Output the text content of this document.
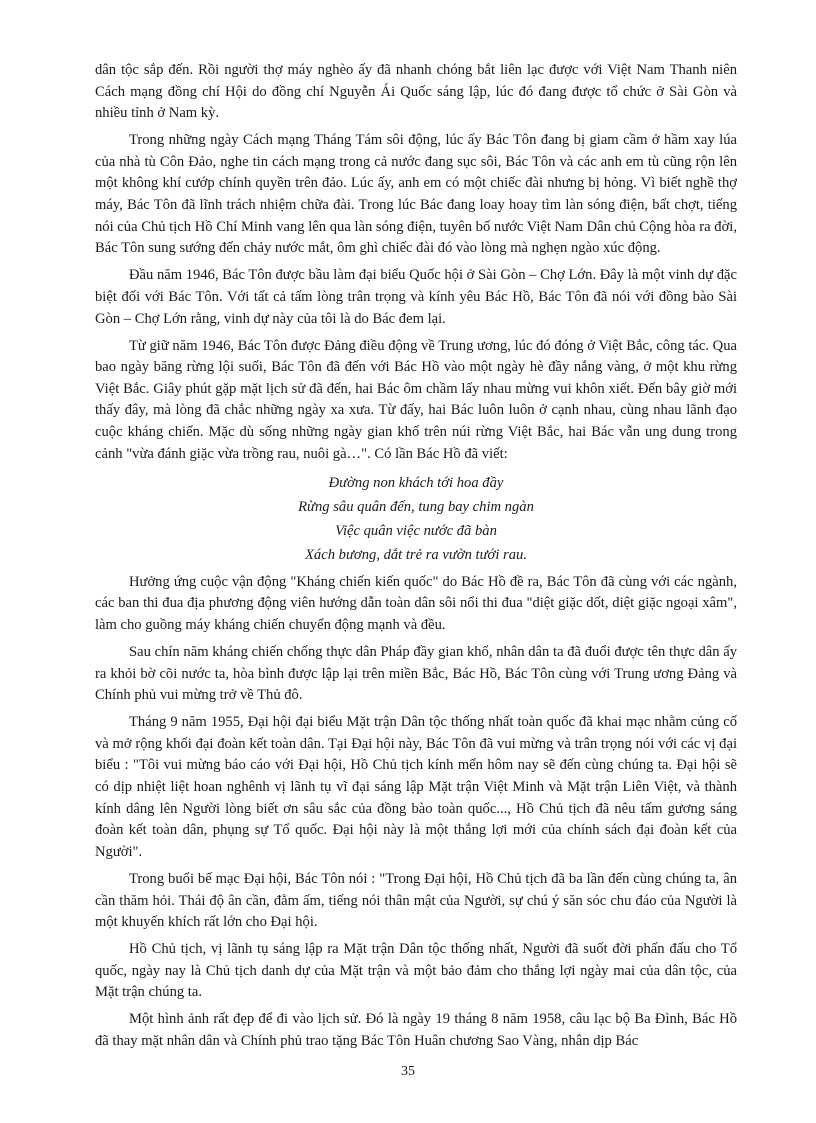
dân tộc sắp đến. Rồi người thợ máy nghèo ấy đã nhanh chóng bắt liên lạc được với Việt Nam Thanh niên Cách mạng đồng chí Hội do đồng chí Nguyễn Ái Quốc sáng lập, lúc đó đang được tổ chức ở Sài Gòn và nhiều tỉnh ở Nam kỳ.

Trong những ngày Cách mạng Tháng Tám sôi động, lúc ấy Bác Tôn đang bị giam cầm ở hầm xay lúa của nhà tù Côn Đảo, nghe tin cách mạng trong cả nước đang sục sôi, Bác Tôn và các anh em tù cũng rộn lên một không khí cướp chính quyền trên đảo. Lúc ấy, anh em có một chiếc đài nhưng bị hỏng. Vì biết nghề thợ máy, Bác Tôn đã lĩnh trách nhiệm chữa đài. Trong lúc Bác đang loay hoay tìm làn sóng điện, bất chợt, tiếng nói của Chủ tịch Hồ Chí Minh vang lên qua làn sóng điện, tuyên bố nước Việt Nam Dân chủ Cộng hòa ra đời, Bác Tôn sung sướng đến chảy nước mắt, ôm ghì chiếc đài đó vào lòng mà nghẹn ngào xúc động.

Đầu năm 1946, Bác Tôn được bầu làm đại biểu Quốc hội ở Sài Gòn – Chợ Lớn. Đây là một vinh dự đặc biệt đối với Bác Tôn. Với tất cả tấm lòng trân trọng và kính yêu Bác Hồ, Bác Tôn đã nói với đồng bào Sài Gòn – Chợ Lớn rằng, vinh dự này của tôi là do Bác đem lại.

Từ giữ năm 1946, Bác Tôn được Đảng điều động về Trung ương, lúc đó đóng ở Việt Bắc, công tác. Qua bao ngày băng rừng lội suối, Bác Tôn đã đến với Bác Hồ vào một ngày hè đầy nắng vàng, ở một khu rừng Việt Bắc. Giây phút gặp mặt lịch sử đã đến, hai Bác ôm chầm lấy nhau mừng vui khôn xiết. Đến bây giờ mới thấy đây, mà lòng đã chắc những ngày xa xưa. Từ đấy, hai Bác luôn luôn ở cạnh nhau, cùng nhau lãnh đạo cuộc kháng chiến. Mặc dù sống những ngày gian khổ trên núi rừng Việt Bắc, hai Bác vẫn ung dung trong cảnh "vừa đánh giặc vừa trồng rau, nuôi gà…". Có lần Bác Hồ đã viết:

Đường non khách tới hoa đầy
Rừng sâu quân đến, tung bay chim ngàn
Việc quân việc nước đã bàn
Xách bương, dắt trẻ ra vườn tưới rau.

Hưởng ứng cuộc vận động "Kháng chiến kiến quốc" do Bác Hồ đề ra, Bác Tôn đã cùng với các ngành, các ban thi đua địa phương động viên hướng dẫn toàn dân sôi nổi thi đua "diệt giặc dốt, diệt giặc ngoại xâm", làm cho guồng máy kháng chiến chuyển động mạnh và đều.

Sau chín năm kháng chiến chống thực dân Pháp đầy gian khổ, nhân dân ta đã đuổi được tên thực dân ấy ra khỏi bờ cõi nước ta, hòa bình được lập lại trên miền Bắc, Bác Hồ, Bác Tôn cùng với Trung ương Đảng và Chính phủ vui mừng trở về Thủ đô.

Tháng 9 năm 1955, Đại hội đại biểu Mặt trận Dân tộc thống nhất toàn quốc đã khai mạc nhằm củng cố và mở rộng khối đại đoàn kết toàn dân. Tại Đại hội này, Bác Tôn đã vui mừng và trân trọng nói với các vị đại biểu : "Tôi vui mừng báo cáo với Đại hội, Hồ Chủ tịch kính mến hôm nay sẽ đến cùng chúng ta. Đại hội sẽ có dịp nhiệt liệt hoan nghênh vị lãnh tụ vĩ đại sáng lập Mặt trận Việt Minh và Mặt trận Liên Việt, và thành kính dâng lên Người lòng biết ơn sâu sắc của đồng bào toàn quốc..., Hồ Chủ tịch đã nêu tấm gương sáng đoàn kết toàn dân, phụng sự Tổ quốc. Đại hội này là một thắng lợi mới của chính sách đại đoàn kết của Người".

Trong buổi bế mạc Đại hội, Bác Tôn nói : "Trong Đại hội, Hồ Chủ tịch đã ba lần đến cùng chúng ta, ân cần thăm hỏi. Thái độ ân cần, đằm ấm, tiếng nói thân mật của Người, sự chú ý săn sóc chu đáo của Người là một khuyến khích rất lớn cho Đại hội.

Hồ Chủ tịch, vị lãnh tụ sáng lập ra Mặt trận Dân tộc thống nhất, Người đã suốt đời phấn đấu cho Tổ quốc, ngày nay là Chủ tịch danh dự của Mặt trận và một bảo đảm cho thắng lợi ngày mai của dân tộc, của Mặt trận chúng ta.

Một hình ảnh rất đẹp để đi vào lịch sử. Đó là ngày 19 tháng 8 năm 1958, câu lạc bộ Ba Đình, Bác Hồ đã thay mặt nhân dân và Chính phủ trao tặng Bác Tôn Huân chương Sao Vàng, nhân dịp Bác

35
